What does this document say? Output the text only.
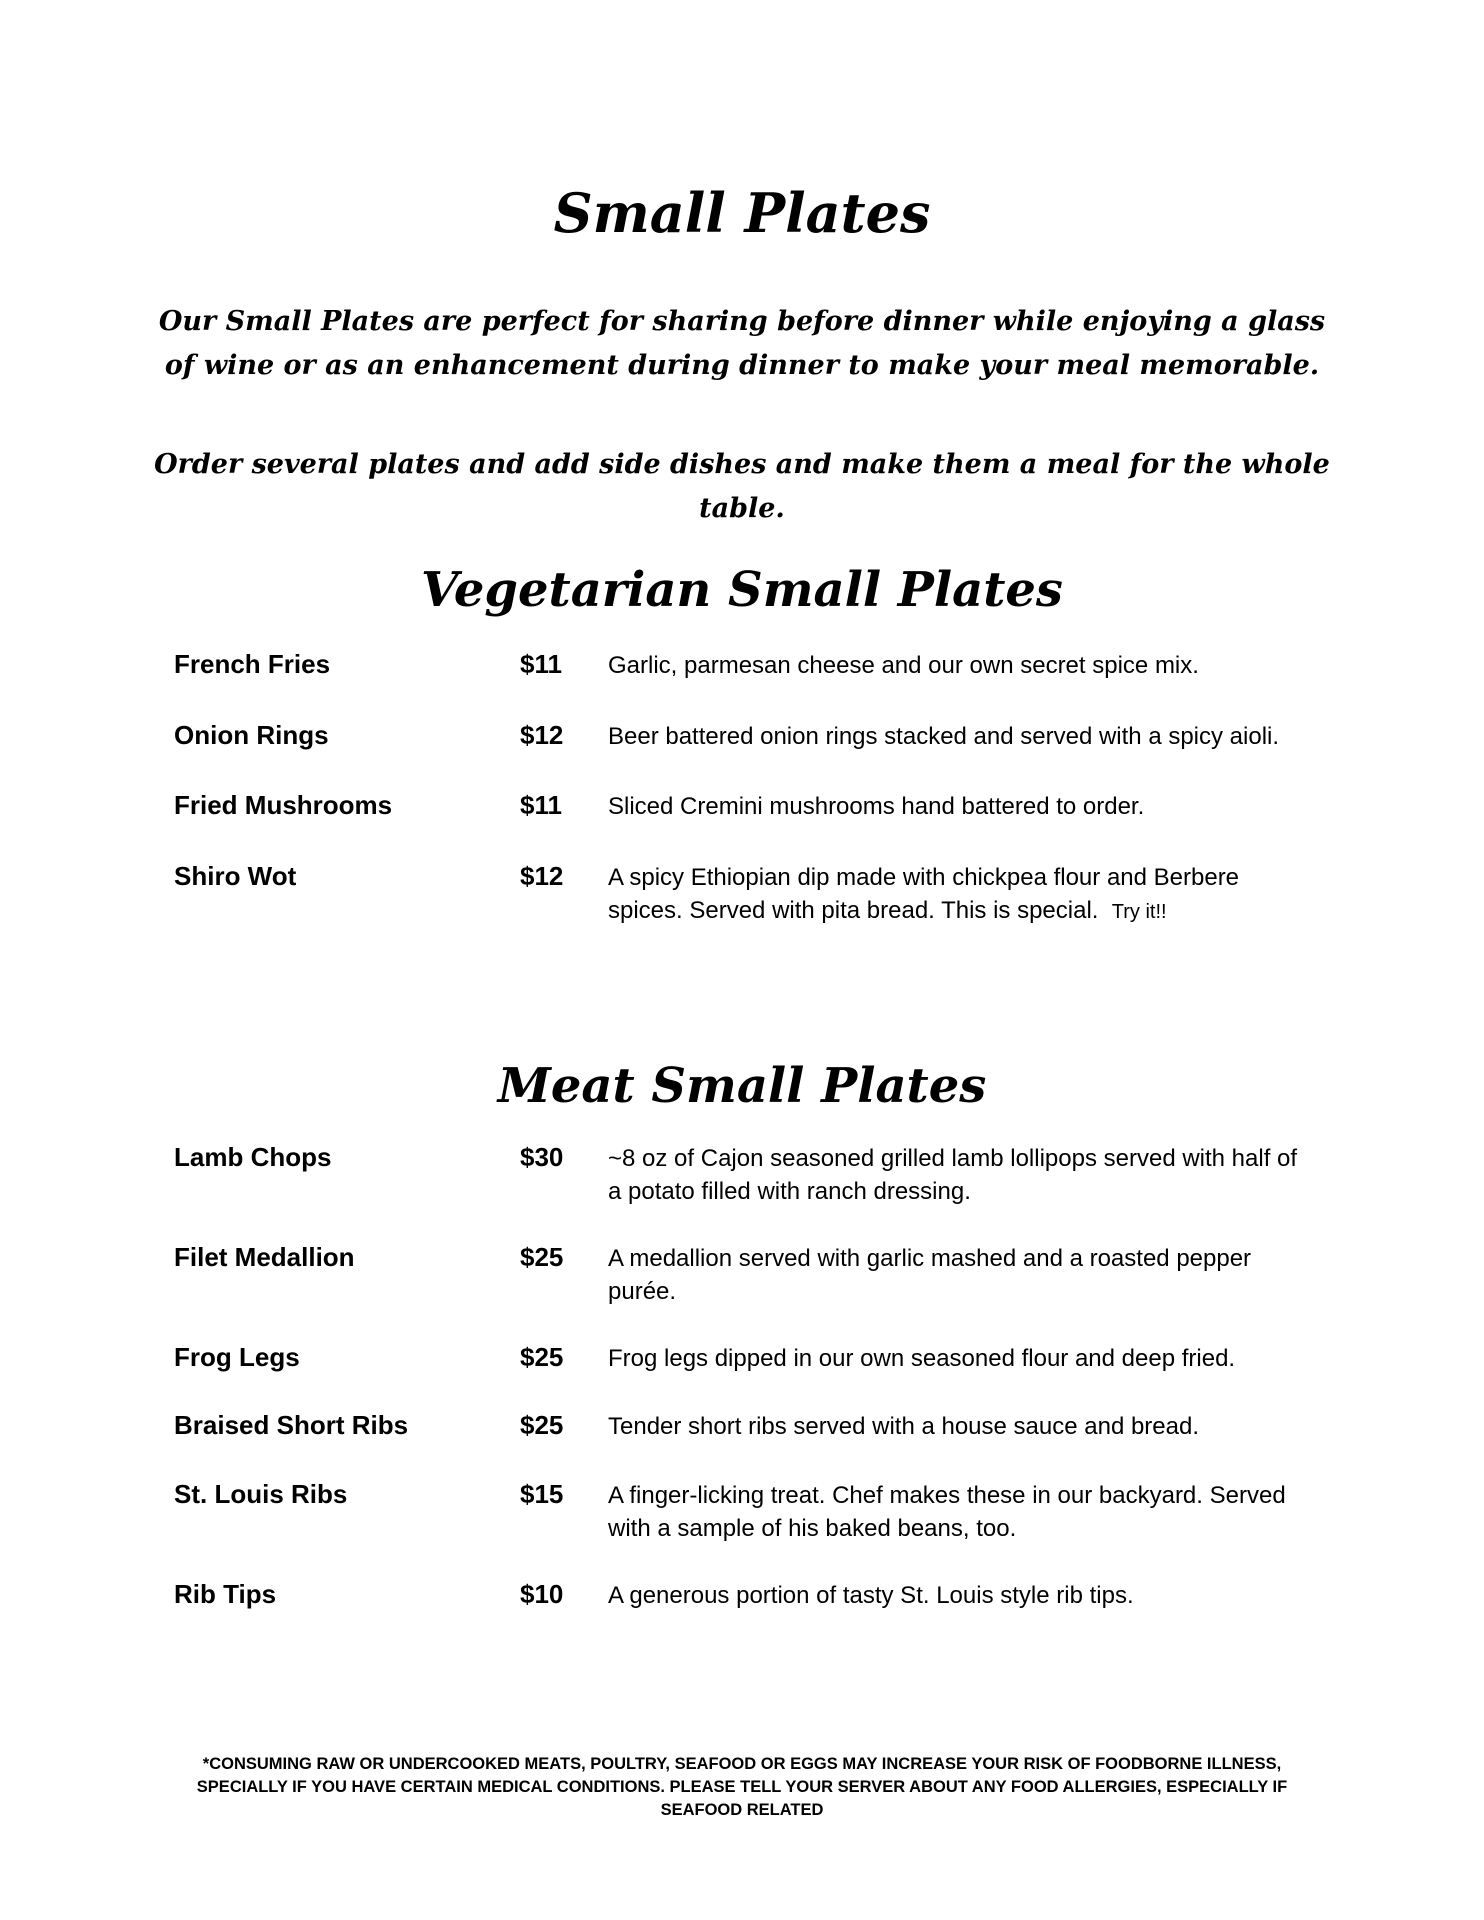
Small Plates

Our Small Plates are perfect for sharing before dinner while enjoying a glass of wine or as an enhancement during dinner to make your meal memorable.

Order several plates and add side dishes and make them a meal for the whole table.

Vegetarian Small Plates
French Fries	$11 Garlic, parmesan cheese and our own secret spice mix.
Onion Rings	$12 Beer battered onion rings stacked and served with a spicy aioli.
Fried Mushrooms	$11 Sliced Cremini mushrooms hand battered to order.
Shiro Wot	$12 A spicy Ethiopian dip made with chickpea flour and Berbere spices. Served with pita bread. This is special. Try it!!
Meat Small Plates
Lamb Chops	$30 ~8 oz of Cajon seasoned grilled lamb lollipops served with half of a potato filled with ranch dressing.
Filet Medallion	$25 A medallion served with garlic mashed and a roasted pepper purée.
Frog Legs	$25 Frog legs dipped in our own seasoned flour and deep fried.
Braised Short Ribs	$25 Tender short ribs served with a house sauce and bread.
St. Louis Ribs	$15 A finger-licking treat. Chef makes these in our backyard. Served with a sample of his baked beans, too.
Rib Tips	$10 A generous portion of tasty St. Louis style rib tips.

*CONSUMING RAW OR UNDERCOOKED MEATS, POULTRY, SEAFOOD OR EGGS MAY INCREASE YOUR RISK OF FOODBORNE ILLNESS, SPECIALLY IF YOU HAVE CERTAIN MEDICAL CONDITIONS. PLEASE TELL YOUR SERVER ABOUT ANY FOOD ALLERGIES, ESPECIALLY IF SEAFOOD RELATED
